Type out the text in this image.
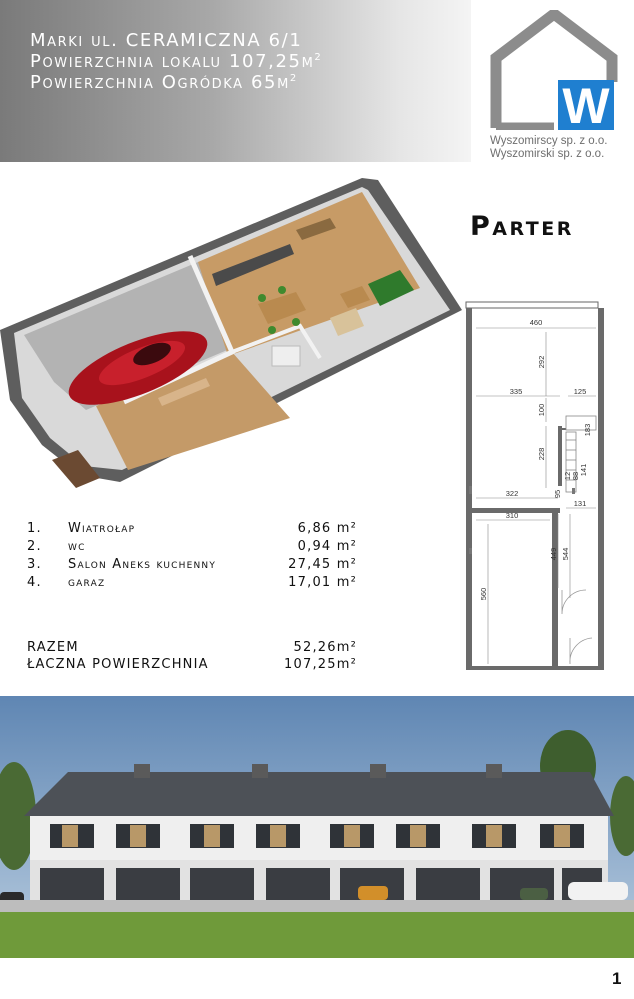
Marki ul. CERAMICZNA 6/1
Powierzchnia lokalu $107,25m^2$
Powierzchnia Ogródka $65m^2$	W
Wyszomirscy sp. z o.o.
Wyszomirski sp. z o.o.
Parter
460
292
335	125
100
183
228
141
12 88
322	95
131
310
449 544
560
1. Wiatrołap	6,86 m²
2. wc	0,94 m²
3. Salon Aneks kuchenny	27,45 m²
4. garaz	17,01 m²
RAZEM	52,26m²
ŁACZNA POWIERZCHNIA	107,25m²
1
